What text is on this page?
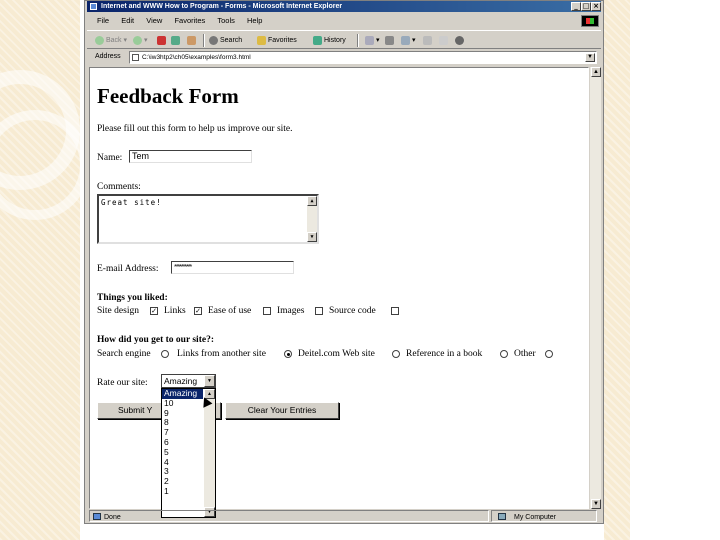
Internet and WWW How to Program - Forms - Microsoft Internet Explorer	_ □ ×
File Edit View Favorites Tools Help
Back ▾	▾	Search	Favorites	History	▾	▾
Address	C:\iw3htp2\ch05\examples\form3.html	▼
Feedback Form
Please fill out this form to help us improve our site.
Name:	Tem
Comments:
Great site!	▲
▼
E-mail Address:	**********
Things you liked:
Site design ✓ Links ✓ Ease of use	Images	Source code
How did you get to our site?:
Search engine	Links from another site	Deitel.com Web site	Reference in a book	Other
Rate our site:	Amazing	▼
Submit Y	Clear Your Entries
Amazing
10
9
8
7
6
5
4
3
2
1
▲
▼
▲
▼
Done	My Computer
